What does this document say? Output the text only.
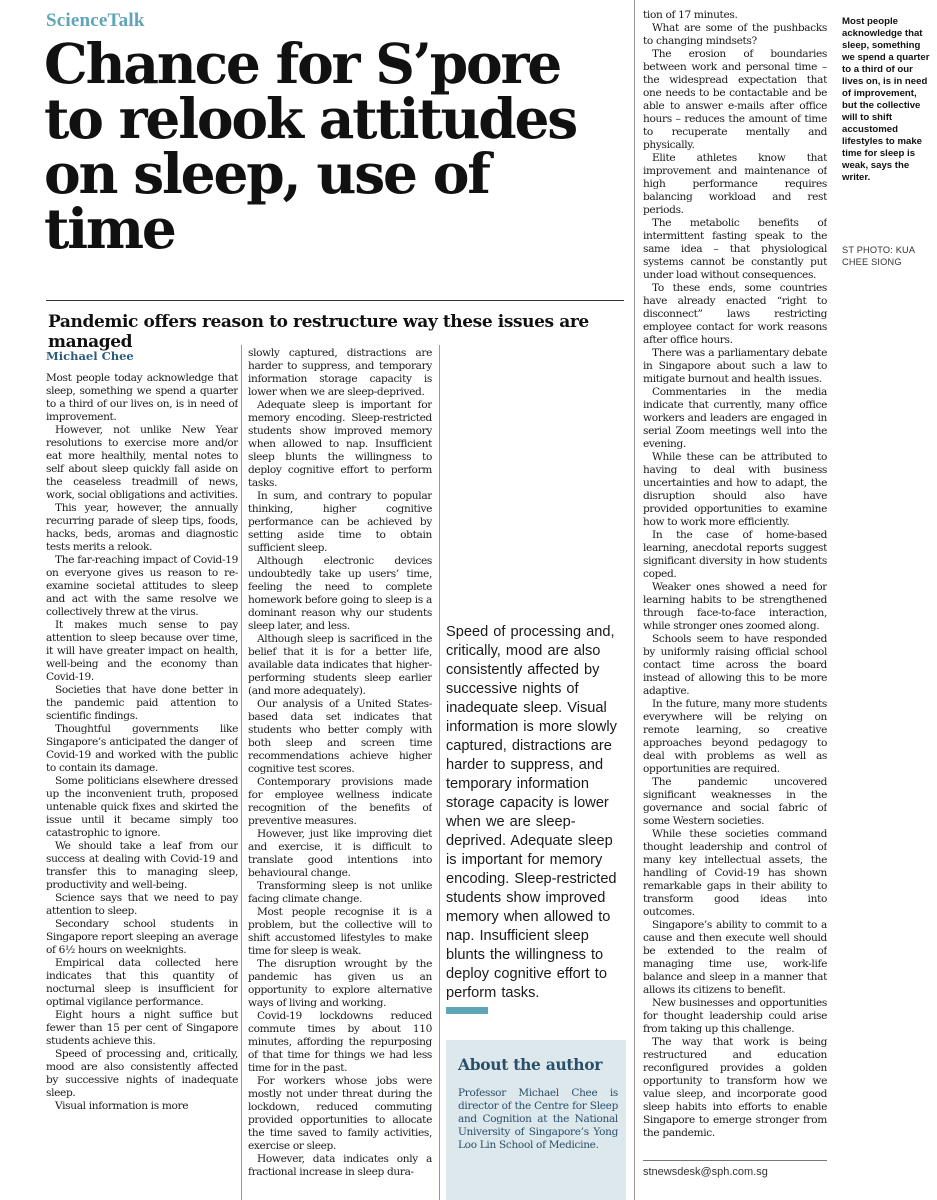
ScienceTalk
Chance for S’pore to relook attitudes on sleep, use of time
Pandemic offers reason to restructure way these issues are managed
Michael Chee

Most people today acknowledge that sleep, something we spend a quarter to a third of our lives on, is in need of improvement.

However, not unlike New Year resolutions to exercise more and/or eat more healthily, mental notes to self about sleep quickly fall aside on the ceaseless treadmill of news, work, social obligations and activities.

This year, however, the annually recurring parade of sleep tips, foods, hacks, beds, aromas and diagnostic tests merits a relook.

The far-reaching impact of Covid-19 on everyone gives us reason to re-examine societal attitudes to sleep and act with the same resolve we collectively threw at the virus.

It makes much sense to pay attention to sleep because over time, it will have greater impact on health, well-being and the economy than Covid-19.

Societies that have done better in the pandemic paid attention to scientific findings.

Thoughtful governments like Singapore’s anticipated the danger of Covid-19 and worked with the public to contain its damage.

Some politicians elsewhere dressed up the inconvenient truth, proposed untenable quick fixes and skirted the issue until it became simply too catastrophic to ignore.

We should take a leaf from our success at dealing with Covid-19 and transfer this to managing sleep, productivity and well-being.

Science says that we need to pay attention to sleep.

Secondary school students in Singapore report sleeping an average of 6½ hours on weeknights.

Empirical data collected here indicates that this quantity of nocturnal sleep is insufficient for optimal vigilance performance.

Eight hours a night suffice but fewer than 15 per cent of Singapore students achieve this.

Speed of processing and, critically, mood are also consistently affected by successive nights of inadequate sleep.

Visual information is more

slowly captured, distractions are harder to suppress, and temporary information storage capacity is lower when we are sleep-deprived.

Adequate sleep is important for memory encoding. Sleep-restricted students show improved memory when allowed to nap. Insufficient sleep blunts the willingness to deploy cognitive effort to perform tasks.

In sum, and contrary to popular thinking, higher cognitive performance can be achieved by setting aside time to obtain sufficient sleep.

Although electronic devices undoubtedly take up users’ time, feeling the need to complete homework before going to sleep is a dominant reason why our students sleep later, and less.

Although sleep is sacrificed in the belief that it is for a better life, available data indicates that higher-performing students sleep earlier (and more adequately).

Our analysis of a United States-based data set indicates that students who better comply with both sleep and screen time recommendations achieve higher cognitive test scores.

Contemporary provisions made for employee wellness indicate recognition of the benefits of preventive measures.

However, just like improving diet and exercise, it is difficult to translate good intentions into behavioural change.

Transforming sleep is not unlike facing climate change.

Most people recognise it is a problem, but the collective will to shift accustomed lifestyles to make time for sleep is weak.

The disruption wrought by the pandemic has given us an opportunity to explore alternative ways of living and working.

Covid-19 lockdowns reduced commute times by about 110 minutes, affording the repurposing of that time for things we had less time for in the past.

For workers whose jobs were mostly not under threat during the lockdown, reduced commuting provided opportunities to allocate the time saved to family activities, exercise or sleep.

However, data indicates only a fractional increase in sleep dura-

Speed of processing and, critically, mood are also consistently affected by successive nights of inadequate sleep. Visual information is more slowly captured, distractions are harder to suppress, and temporary information storage capacity is lower when we are sleep-deprived. Adequate sleep is important for memory encoding. Sleep-restricted students show improved memory when allowed to nap. Insufficient sleep blunts the willingness to deploy cognitive effort to perform tasks.

About the author

Professor Michael Chee is director of the Centre for Sleep and Cognition at the National University of Singapore’s Yong Loo Lin School of Medicine.

tion of 17 minutes.

What are some of the pushbacks to changing mindsets?

The erosion of boundaries between work and personal time – the widespread expectation that one needs to be contactable and be able to answer e-mails after office hours – reduces the amount of time to recuperate mentally and physically.

Elite athletes know that improvement and maintenance of high performance requires balancing workload and rest periods.

The metabolic benefits of intermittent fasting speak to the same idea – that physiological systems cannot be constantly put under load without consequences.

To these ends, some countries have already enacted “right to disconnect” laws restricting employee contact for work reasons after office hours.

There was a parliamentary debate in Singapore about such a law to mitigate burnout and health issues.

Commentaries in the media indicate that currently, many office workers and leaders are engaged in serial Zoom meetings well into the evening.

While these can be attributed to having to deal with business uncertainties and how to adapt, the disruption should also have provided opportunities to examine how to work more efficiently.

In the case of home-based learning, anecdotal reports suggest significant diversity in how students coped.

Weaker ones showed a need for learning habits to be strengthened through face-to-face interaction, while stronger ones zoomed along.

Schools seem to have responded by uniformly raising official school contact time across the board instead of allowing this to be more adaptive.

In the future, many more students everywhere will be relying on remote learning, so creative approaches beyond pedagogy to deal with problems as well as opportunities are required.

The pandemic uncovered significant weaknesses in the governance and social fabric of some Western societies.

While these societies command thought leadership and control of many key intellectual assets, the handling of Covid-19 has shown remarkable gaps in their ability to transform good ideas into outcomes.

Singapore’s ability to commit to a cause and then execute well should be extended to the realm of managing time use, work-life balance and sleep in a manner that allows its citizens to benefit.

New businesses and opportunities for thought leadership could arise from taking up this challenge.

The way that work is being restructured and education reconfigured provides a golden opportunity to transform how we value sleep, and incorporate good sleep habits into efforts to enable Singapore to emerge stronger from the pandemic.

stnewsdesk@sph.com.sg

Most people acknowledge that sleep, something we spend a quarter to a third of our lives on, is in need of improvement, but the collective will to shift accustomed lifestyles to make time for sleep is weak, says the writer.

ST PHOTO: KUA CHEE SIONG
